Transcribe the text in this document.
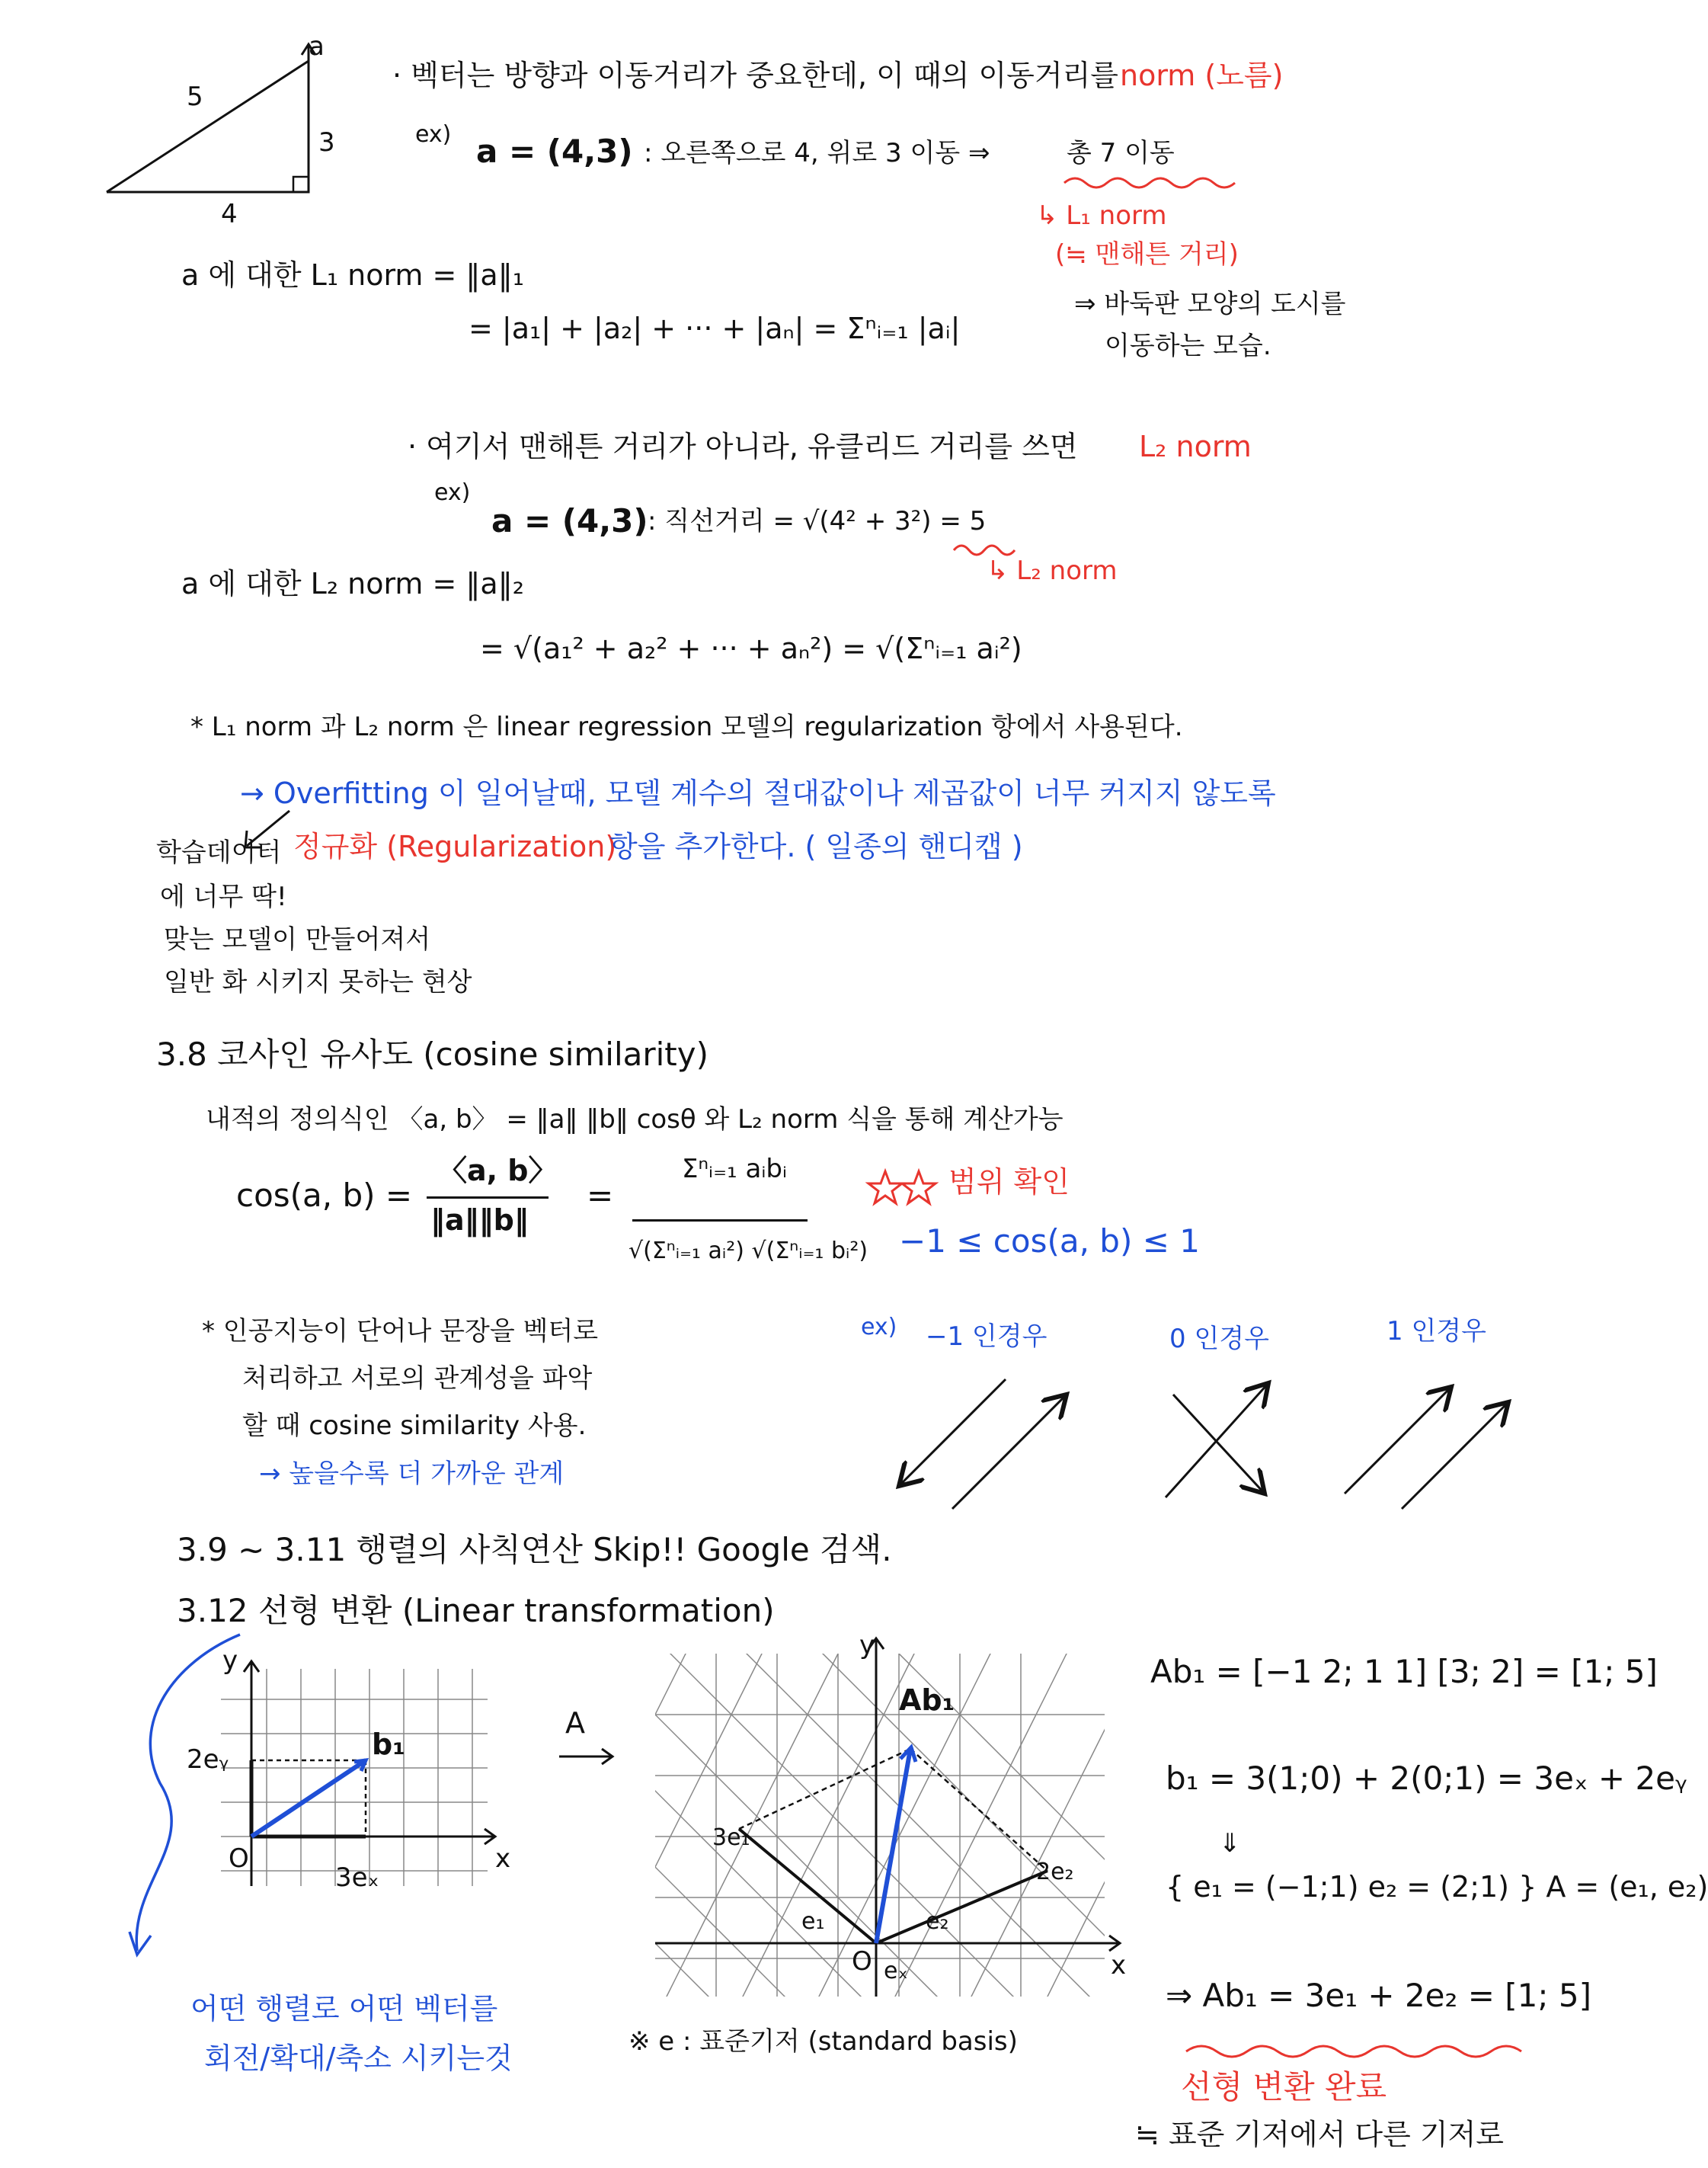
5
3
4
a
· 벡터는 방향과 이동거리가 중요한데, 이 때의 이동거리를 norm (노름)
ex) a = (4,3) : 오른쪽으로 4, 위로 3 이동 ⇒	총 7 이동
↳ L₁ norm
(≒ 맨해튼 거리)
⇒ 바둑판 모양의 도시를
이동하는 모습.
a 에 대한 L₁ norm = ‖a‖₁
= |a₁| + |a₂| + ··· + |aₙ| = Σⁿᵢ₌₁ |aᵢ|
· 여기서 맨해튼 거리가 아니라, 유클리드 거리를 쓰면 L₂ norm
ex)
a = (4,3) : 직선거리 = √(4² + 3²) = 5
↳ L₂ norm
a 에 대한 L₂ norm = ‖a‖₂
= √(a₁² + a₂² + ··· + aₙ²) = √(Σⁿᵢ₌₁ aᵢ²)
* L₁ norm 과 L₂ norm 은 linear regression 모델의 regularization 항에서 사용된다.
→ Overfitting 이 일어날때, 모델 계수의 절대값이나 제곱값이 너무 커지지 않도록
정규화 (Regularization)
항을 추가한다. ( 일종의 핸디캡 )
학습데이터
에 너무 딱!
맞는 모델이 만들어져서
일반 화 시키지 못하는 현상
3.8 코사인 유사도 (cosine similarity)
내적의 정의식인 〈a, b〉 = ‖a‖ ‖b‖ cosθ 와 L₂ norm 식을 통해 계산가능
cos(a, b) =
〈a, b〉
‖a‖‖b‖
=
Σⁿᵢ₌₁ aᵢbᵢ
√(Σⁿᵢ₌₁ aᵢ²) √(Σⁿᵢ₌₁ bᵢ²)
범위 확인
−1 ≤ cos(a, b) ≤ 1
* 인공지능이 단어나 문장을 벡터로
처리하고 서로의 관계성을 파악
할 때 cosine similarity 사용.
→ 높을수록 더 가까운 관계
ex) −1 인경우	0 인경우	1 인경우
3.9 ~ 3.11 행렬의 사칙연산 Skip!! Google 검색.
3.12 선형 변환 (Linear transformation)
y
x
O
b₁
2eᵧ
3eₓ
A
y
x
O
Ab₁
3e₁
2e₂
e₁	e₂
eₓ
어떤 행렬로 어떤 벡터를
회전/확대/축소 시키는것	※ e : 표준기저 (standard basis)
Ab₁ = [−1 2; 1 1] [3; 2] = [1; 5]
b₁ = 3(1;0) + 2(0;1) = 3eₓ + 2eᵧ
⇓
{ e₁ = (−1;1) e₂ = (2;1) } A = (e₁, e₂)
⇒ Ab₁ = 3e₁ + 2e₂ = [1; 5]
선형 변환 완료
≒ 표준 기저에서 다른 기저로
